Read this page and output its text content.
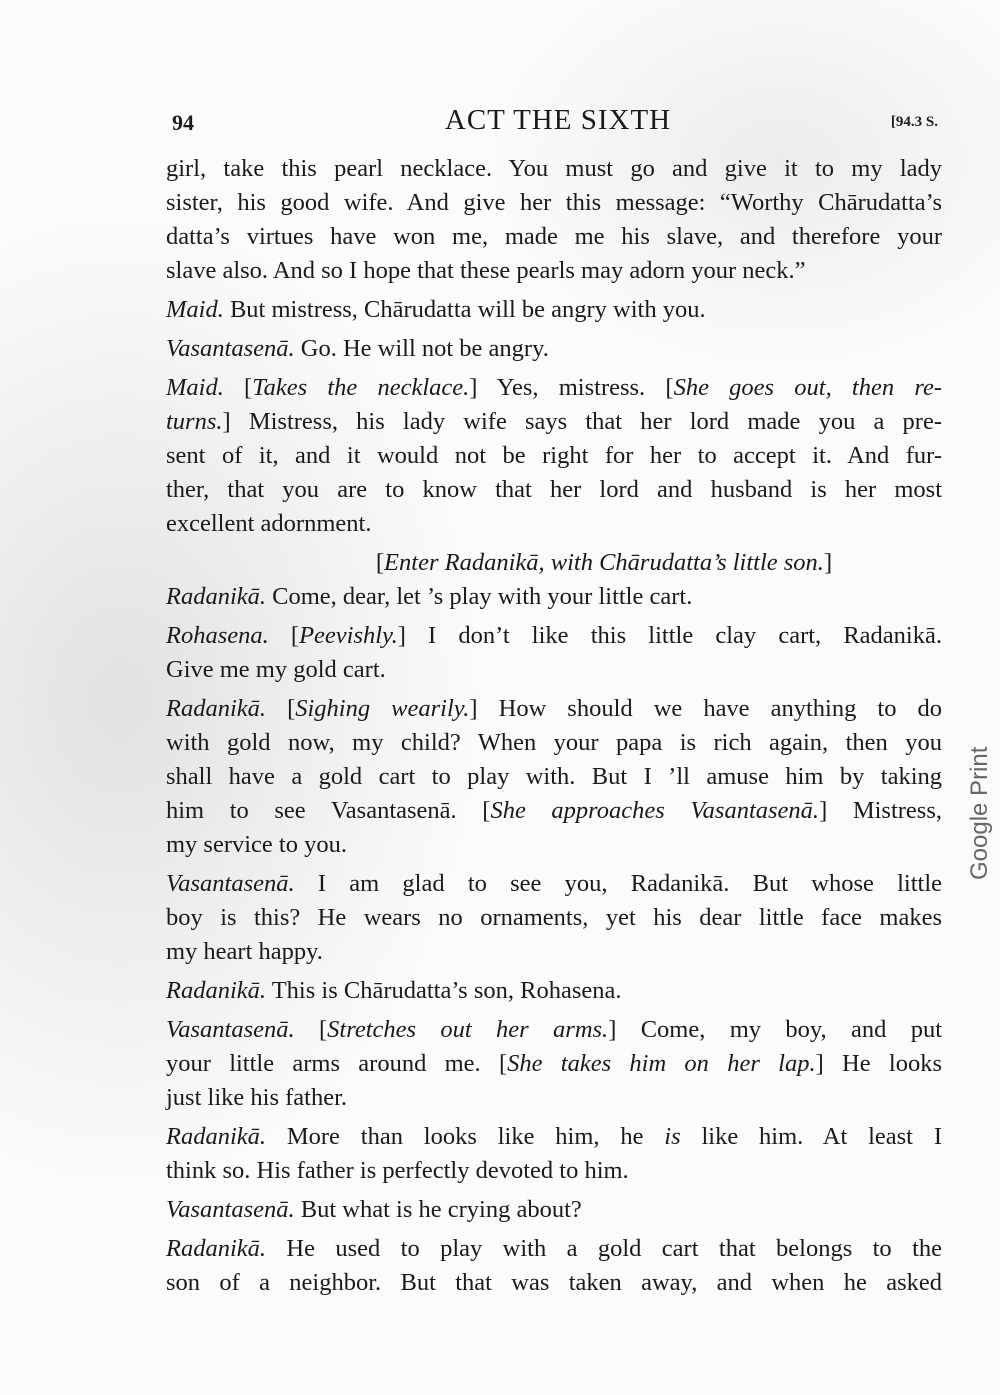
94	ACT THE SIXTH	[94.3 S.
girl, take this pearl necklace. You must go and give it to my lady
sister, his good wife. And give her this message: “Worthy Chārudatta’s
datta’s virtues have won me, made me his slave, and therefore your
slave also. And so I hope that these pearls may adorn your neck.”
Maid. But mistress, Chārudatta will be angry with you.
Vasantasenā. Go. He will not be angry.
Maid. [Takes the necklace.] Yes, mistress. [She goes out, then re-
turns.] Mistress, his lady wife says that her lord made you a pre-
sent of it, and it would not be right for her to accept it. And fur-
ther, that you are to know that her lord and husband is her most
excellent adornment.
[Enter Radanikā, with Chārudatta’s little son.]
Radanikā. Come, dear, let ’s play with your little cart.
Rohasena. [Peevishly.] I don’t like this little clay cart, Radanikā.
Give me my gold cart.
Radanikā. [Sighing wearily.] How should we have anything to do
with gold now, my child? When your papa is rich again, then you
shall have a gold cart to play with. But I ’ll amuse him by taking
him to see Vasantasenā. [She approaches Vasantasenā.] Mistress,
my service to you.
Vasantasenā. I am glad to see you, Radanikā. But whose little
boy is this? He wears no ornaments, yet his dear little face makes
my heart happy.
Radanikā. This is Chārudatta’s son, Rohasena.
Vasantasenā. [Stretches out her arms.] Come, my boy, and put
your little arms around me. [She takes him on her lap.] He looks
just like his father.
Radanikā. More than looks like him, he is like him. At least I
think so. His father is perfectly devoted to him.
Vasantasenā. But what is he crying about?
Radanikā. He used to play with a gold cart that belongs to the
son of a neighbor. But that was taken away, and when he asked
Google Print
